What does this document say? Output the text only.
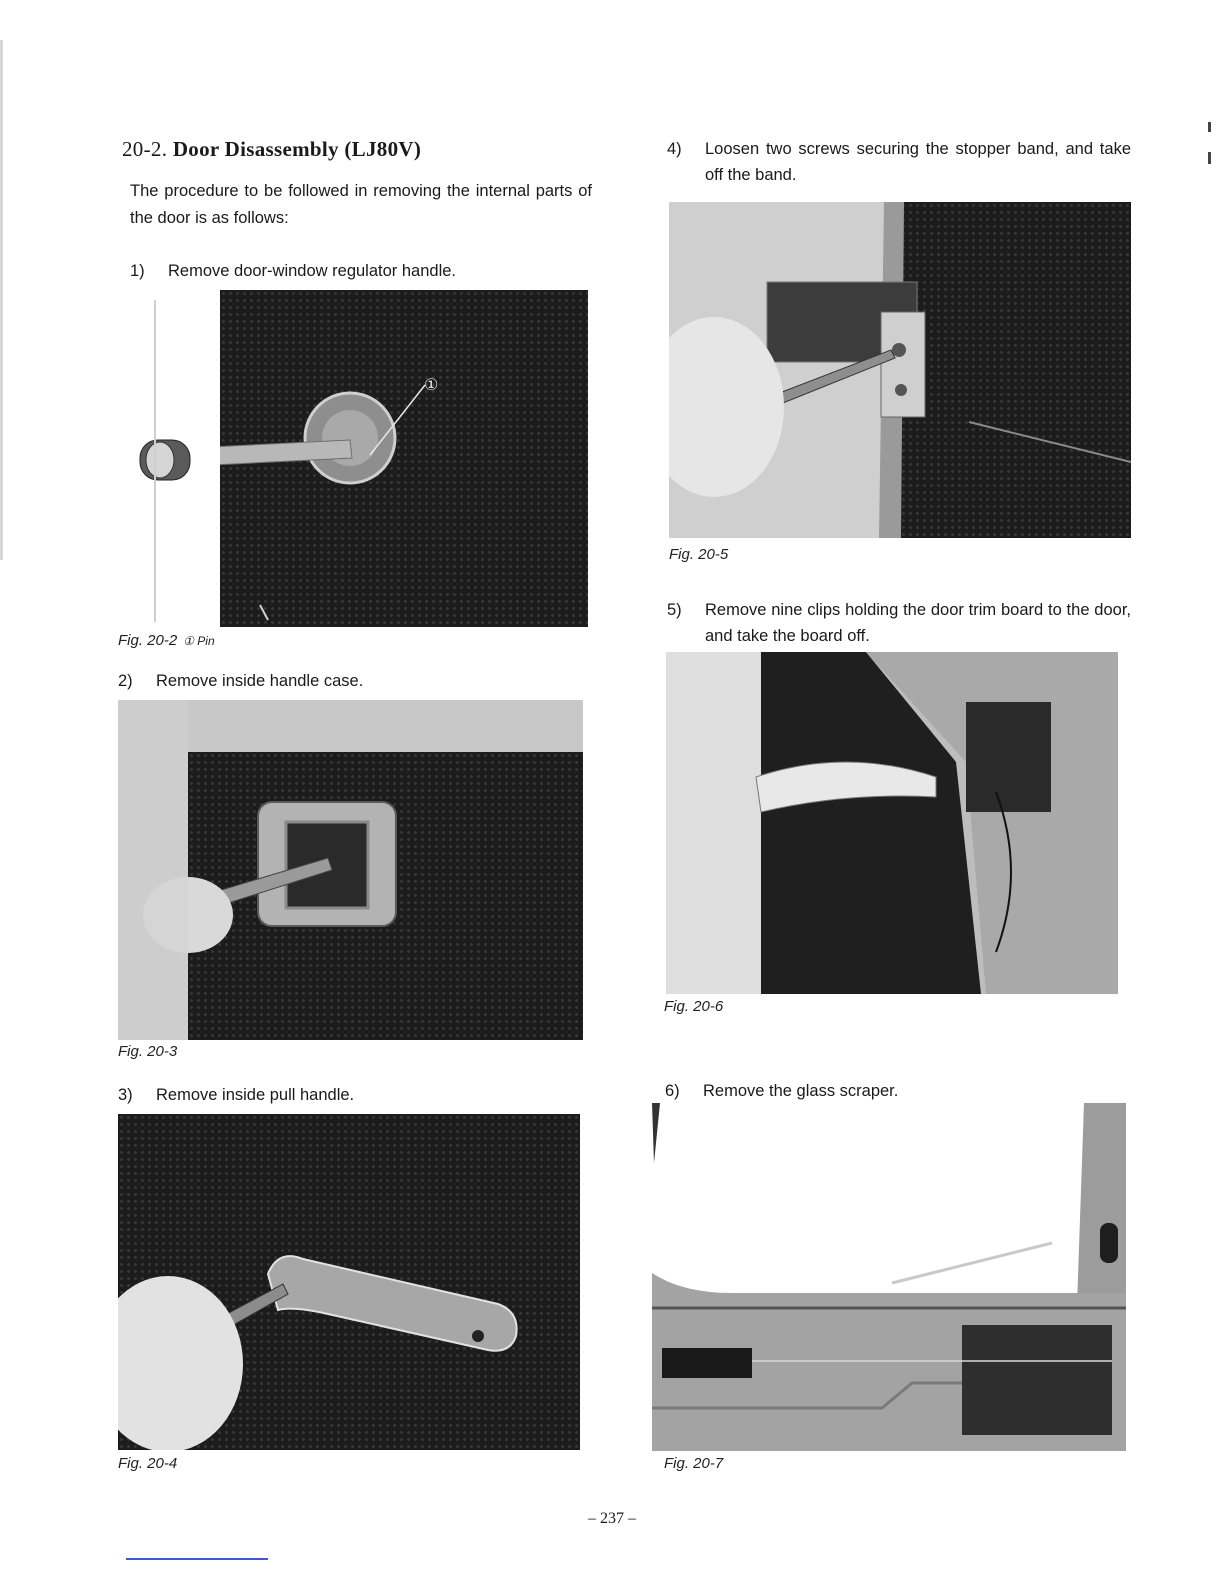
20-2. Door Disassembly (LJ80V)
The procedure to be followed in removing the internal parts of the door is as follows:
1) Remove door-window regulator handle.
①
Fig. 20-2 ① Pin
2) Remove inside handle case.
Fig. 20-3
3) Remove inside pull handle.
Fig. 20-4
4) Loosen two screws securing the stopper band, and take off the band.
Fig. 20-5
5) Remove nine clips holding the door trim board to the door, and take the board off.
Fig. 20-6
6) Remove the glass scraper.
Fig. 20-7
– 237 –
